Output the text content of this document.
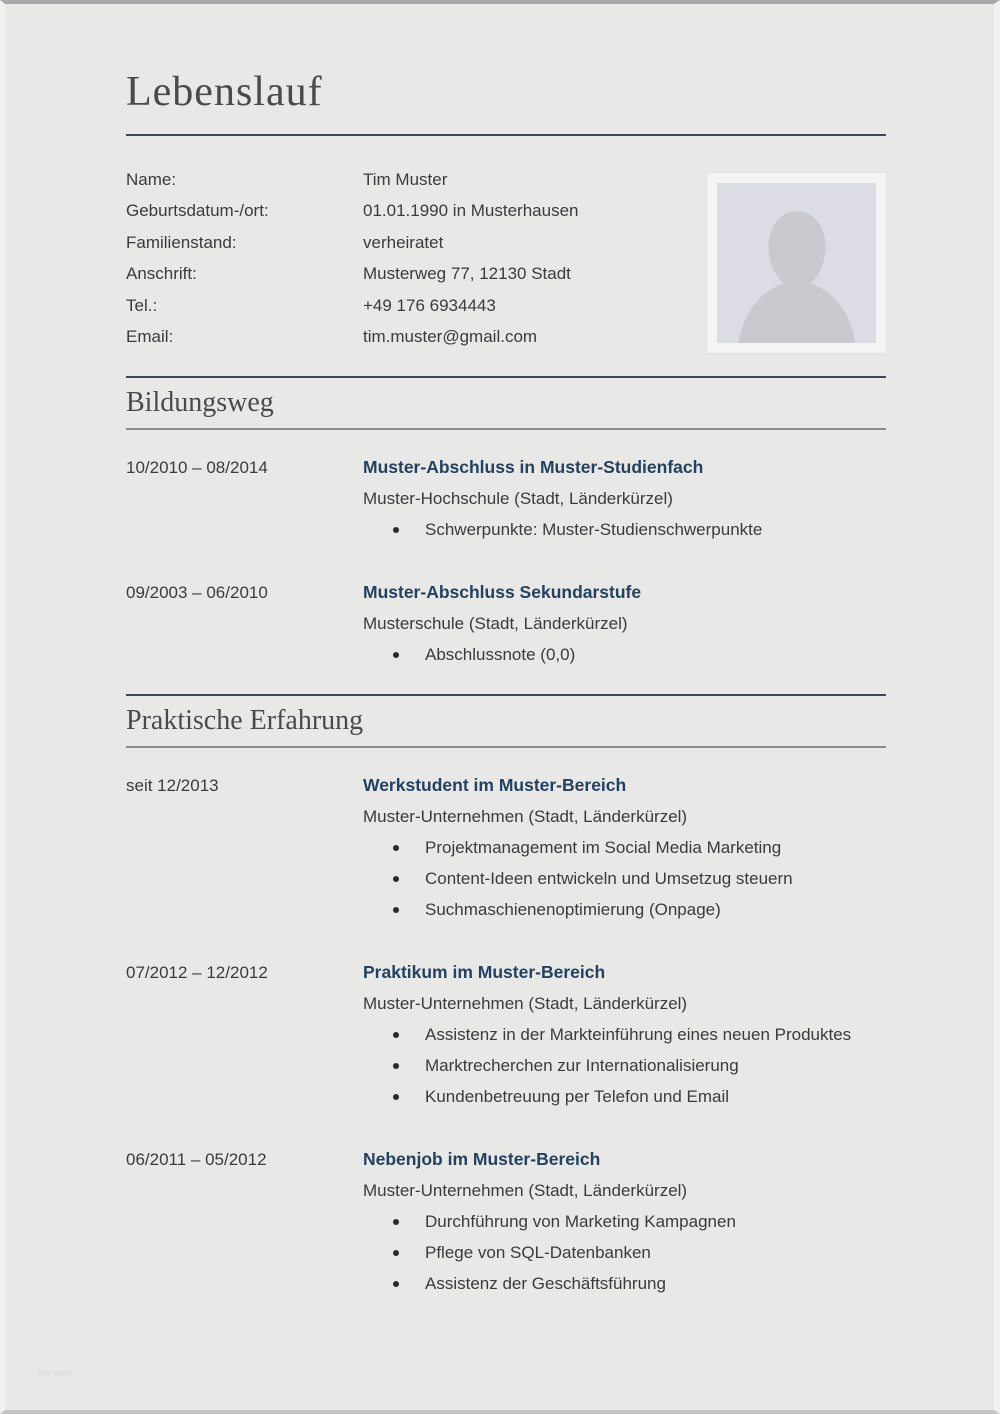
Lebenslauf
Name:	Tim Muster
Geburtsdatum-/ort:	01.01.1990 in Musterhausen
Familienstand:	verheiratet
Anschrift:	Musterweg 77, 12130 Stadt
Tel.:	+49 176 6934443
Email:	tim.muster@gmail.com
Bildungsweg
10/2010 – 08/2014	Muster-Abschluss in Muster-Studienfach
Muster-Hochschule (Stadt, Länderkürzel)
Schwerpunkte: Muster-Studienschwerpunkte
09/2003 – 06/2010	Muster-Abschluss Sekundarstufe
Musterschule (Stadt, Länderkürzel)
Abschlussnote (0,0)
Praktische Erfahrung
seit 12/2013	Werkstudent im Muster-Bereich
Muster-Unternehmen (Stadt, Länderkürzel)
Projektmanagement im Social Media Marketing
Content-Ideen entwickeln und Umsetzug steuern
Suchmaschienenoptimierung (Onpage)
07/2012 – 12/2012	Praktikum im Muster-Bereich
Muster-Unternehmen (Stadt, Länderkürzel)
Assistenz in der Markteinführung eines neuen Produktes
Marktrecherchen zur Internationalisierung
Kundenbetreuung per Telefon und Email
06/2011 – 05/2012	Nebenjob im Muster-Bereich
Muster-Unternehmen (Stadt, Länderkürzel)
Durchführung von Marketing Kampagnen
Pflege von SQL-Datenbanken
Assistenz der Geschäftsführung
my-web
